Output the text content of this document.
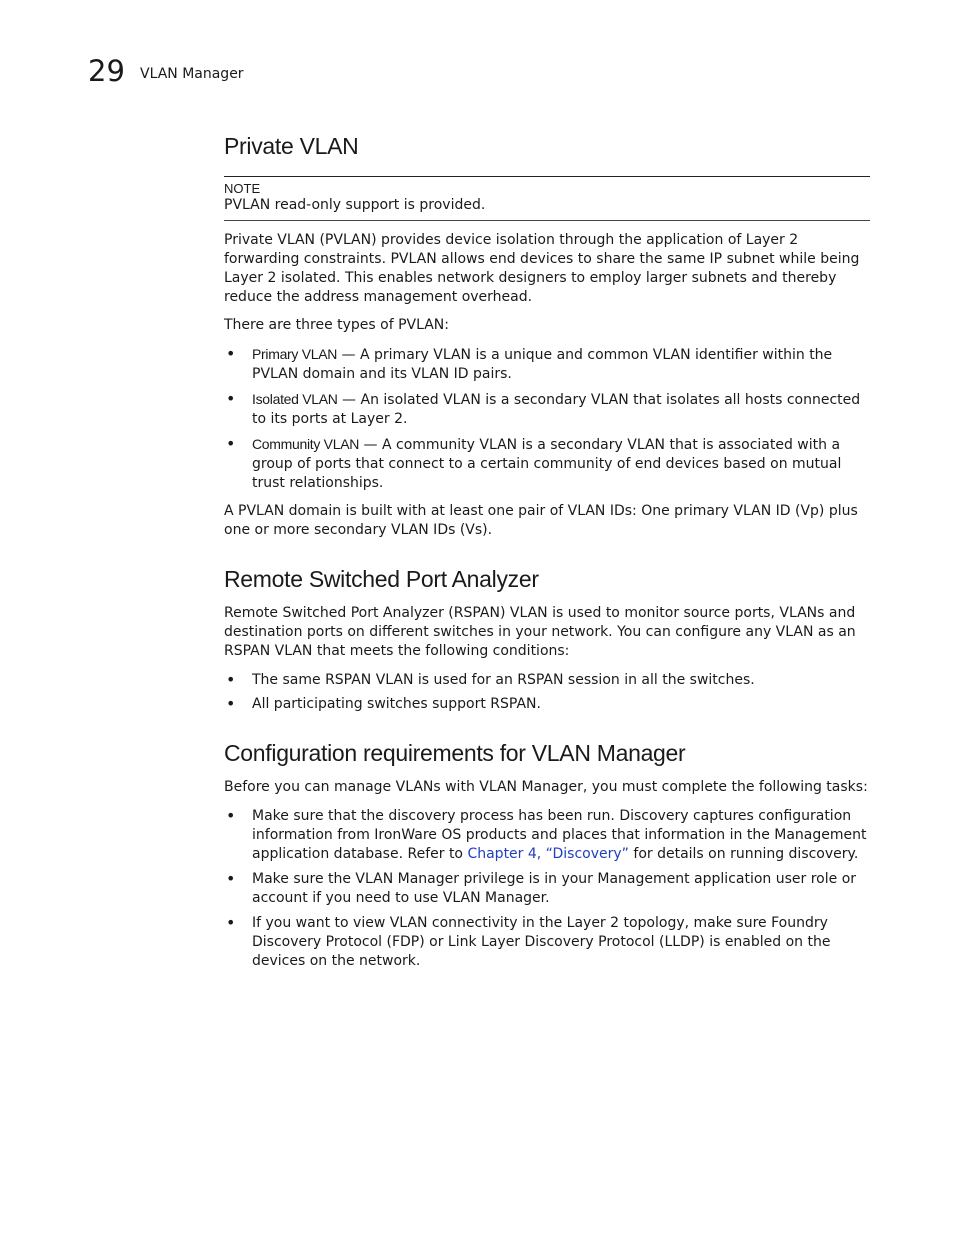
29 VLAN Manager
Private VLAN
NOTE

PVLAN read-only support is provided.

Private VLAN (PVLAN) provides device isolation through the application of Layer 2 forwarding constraints. PVLAN allows end devices to share the same IP subnet while being Layer 2 isolated. This enables network designers to employ larger subnets and thereby reduce the address management overhead.

There are three types of PVLAN:

• Primary VLAN — A primary VLAN is a unique and common VLAN identifier within the PVLAN domain and its VLAN ID pairs.
• Isolated VLAN — An isolated VLAN is a secondary VLAN that isolates all hosts connected to its ports at Layer 2.
• Community VLAN — A community VLAN is a secondary VLAN that is associated with a group of ports that connect to a certain community of end devices based on mutual trust relationships.

A PVLAN domain is built with at least one pair of VLAN IDs: One primary VLAN ID (Vp) plus one or more secondary VLAN IDs (Vs).

Remote Switched Port Analyzer

Remote Switched Port Analyzer (RSPAN) VLAN is used to monitor source ports, VLANs and destination ports on different switches in your network. You can configure any VLAN as an RSPAN VLAN that meets the following conditions:

• The same RSPAN VLAN is used for an RSPAN session in all the switches.
• All participating switches support RSPAN.
Configuration requirements for VLAN Manager

Before you can manage VLANs with VLAN Manager, you must complete the following tasks:

• Make sure that the discovery process has been run. Discovery captures configuration information from IronWare OS products and places that information in the Management application database. Refer to Chapter 4, “Discovery” for details on running discovery.
• Make sure the VLAN Manager privilege is in your Management application user role or account if you need to use VLAN Manager.
• If you want to view VLAN connectivity in the Layer 2 topology, make sure Foundry Discovery Protocol (FDP) or Link Layer Discovery Protocol (LLDP) is enabled on the devices on the network.
